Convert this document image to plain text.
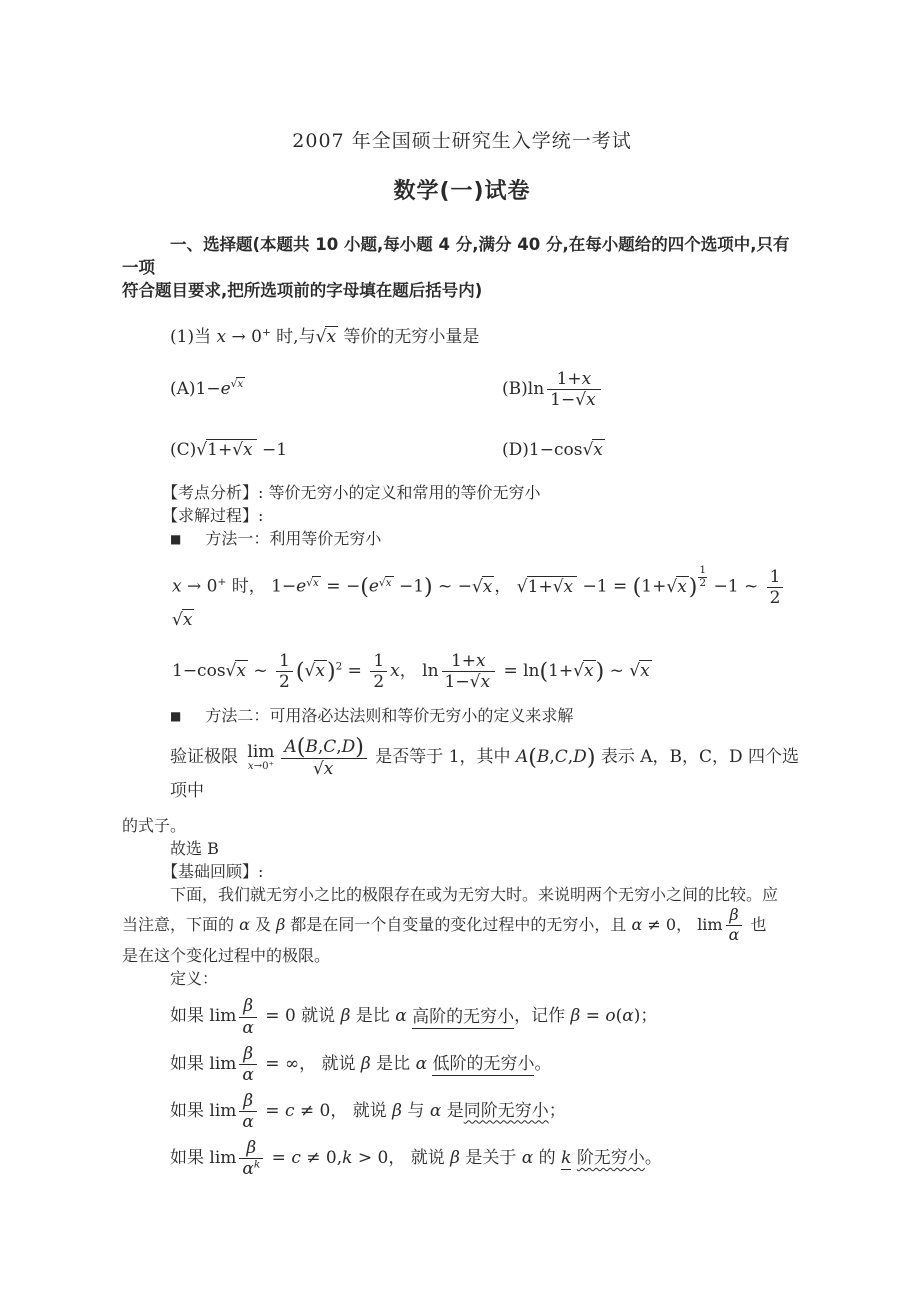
2007 年全国硕士研究生入学统一考试
数学(一)试卷
一、选择题(本题共 10 小题,每小题 4 分,满分 40 分,在每小题给的四个选项中,只有一项
符合题目要求,把所选项前的字母填在题后括号内)
(1)当 x → 0+ 时,与√x 等价的无穷小量是
$(A)1-e^{√x}$	$(B)\ln \frac{1+x}{1-√x}$
(C)√1+√x −1	(D)1−cos√x
【考点分析】: 等价无穷小的定义和常用的等价无穷小
【求解过程】:
■ 方法一：利用等价无穷小
x → 0+ 时， $1-e^{√x} = -(e^{√x} -1)$ ~ −√x ， √1+√x −1 = (1+√x) $^{\frac{1}{2}}$ −1 ~ $\frac{1}{2}$
√x
1−cos√x ~ $\frac{1}{2} (√x)^2 = \frac{1}{2}$ x， $\ln \frac{1+x}{1-√x} = \ln(1+√x)$ ~ √x
■ 方法二：可用洛必达法则和等价无穷小的定义来求解
验证极限 lim
$x\to 0^+ \frac{A(B,C,D)}{√x}$ 是否等于 1，其中 A(B,C,D) 表示 A，B，C，D 四个选项中
的式子。
故选 B
【基础回顾】:
下面，我们就无穷小之比的极限存在或为无穷大时。来说明两个无穷小之间的比较。应
当注意，下面的 α 及 β 都是在同一个自变量的变化过程中的无穷小，且 α ≠ 0， $\lim \frac{\beta}{\alpha}$ 也
是在这个变化过程中的极限。
定义：
如果 $\lim \frac{\beta}{\alpha} = 0$ 就说 β 是比 α 高阶的无穷小，记作 β = o(α)；
如果 $\lim \frac{\beta}{\alpha}$ = ∞， 就说 β 是比 α 低阶的无穷小。
如果 $\lim \frac{\beta}{\alpha} = c \ne 0$， 就说 β 与 α 是同阶无穷小；
如果 $\lim \frac{\beta}{\alpha^k} = c \ne 0,k > 0$， 就说 β 是关于 α 的 k 阶无穷小。
